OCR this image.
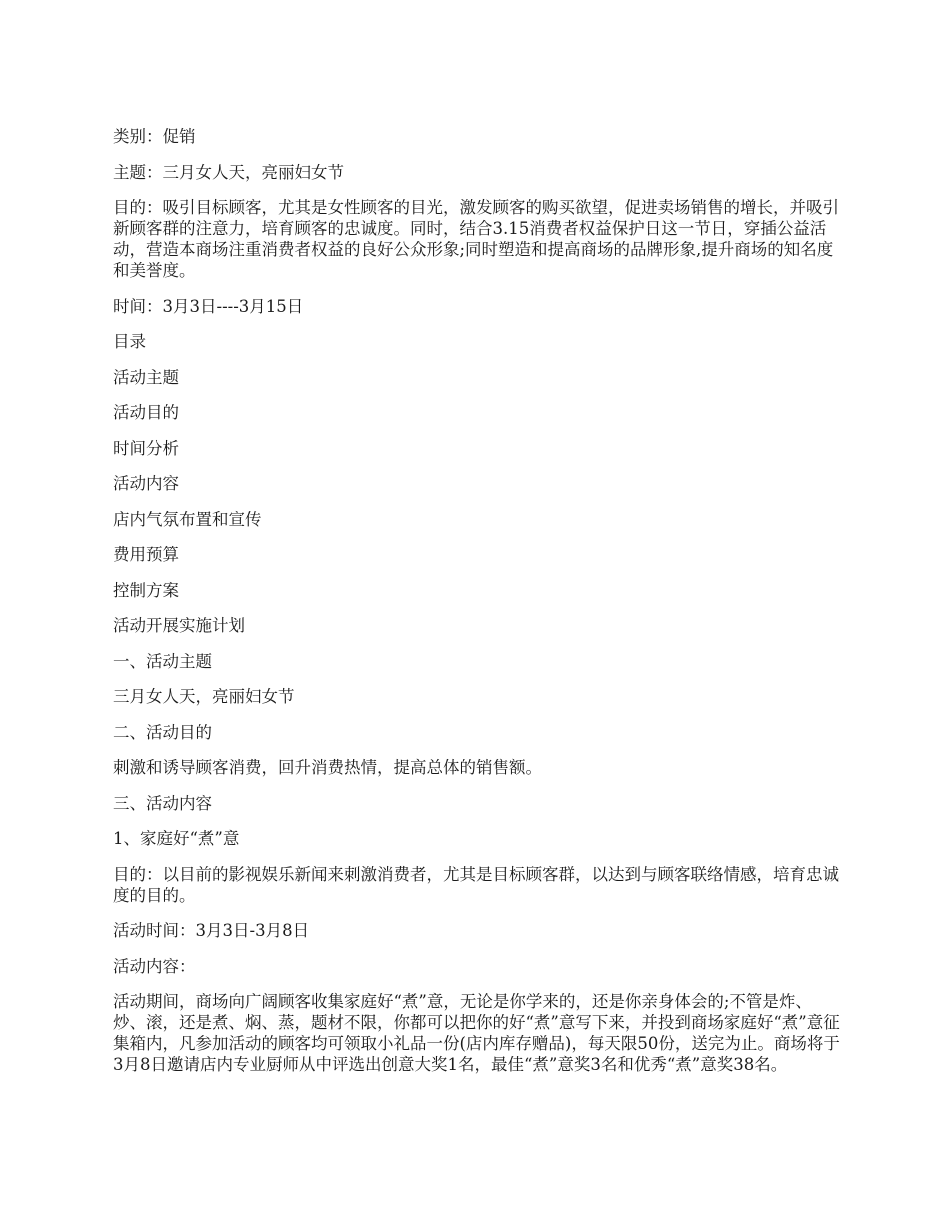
类别：促销

主题：三月女人天，亮丽妇女节

目的：吸引目标顾客，尤其是女性顾客的目光，激发顾客的购买欲望，促进卖场销售的增长，并吸引新顾客群的注意力，培育顾客的忠诚度。同时，结合3.15消费者权益保护日这一节日，穿插公益活动，营造本商场注重消费者权益的良好公众形象;同时塑造和提高商场的品牌形象,提升商场的知名度和美誉度。

时间：3月3日----3月15日

目录

活动主题

活动目的

时间分析

活动内容

店内气氛布置和宣传

费用预算

控制方案

活动开展实施计划

一、活动主题

三月女人天，亮丽妇女节

二、活动目的

刺激和诱导顾客消费，回升消费热情，提高总体的销售额。

三、活动内容

1、家庭好“煮”意

目的：以目前的影视娱乐新闻来刺激消费者，尤其是目标顾客群，以达到与顾客联络情感，培育忠诚度的目的。

活动时间：3月3日-3月8日

活动内容：

活动期间，商场向广阔顾客收集家庭好“煮”意，无论是你学来的，还是你亲身体会的;不管是炸、炒、滚，还是煮、焖、蒸，题材不限，你都可以把你的好“煮”意写下来，并投到商场家庭好“煮”意征集箱内，凡参加活动的顾客均可领取小礼品一份(店内库存赠品)，每天限50份，送完为止。商场将于3月8日邀请店内专业厨师从中评选出创意大奖1名，最佳“煮”意奖3名和优秀“煮”意奖38名。
